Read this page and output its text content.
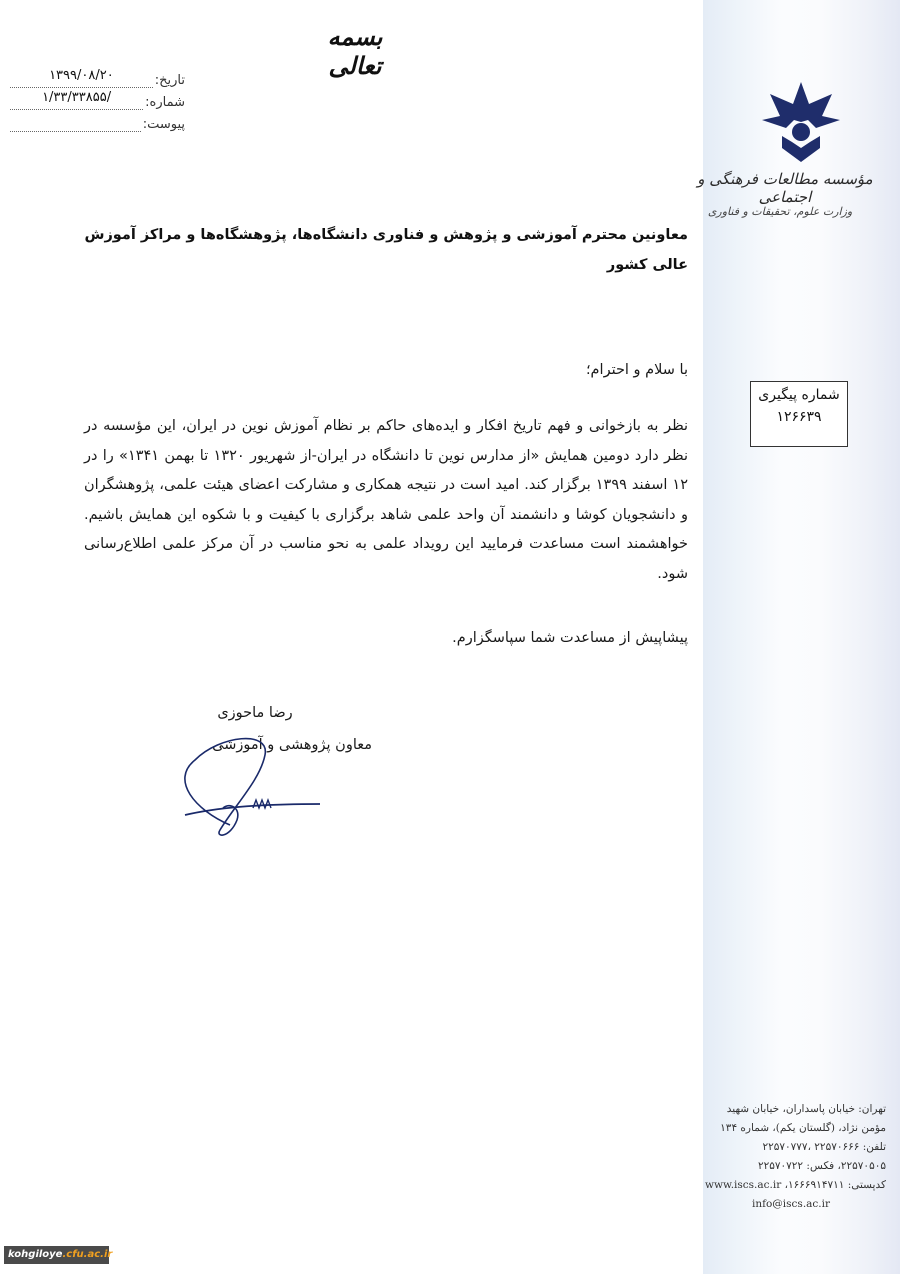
مؤسسه مطالعات فرهنگی و اجتماعی
وزارت علوم، تحقیقات و فناوری
شماره پیگیری
۱۲۶۶۳۹
تهران: خیابان پاسداران، خیابان شهید
مؤمن نژاد، (گلستان یکم)، شماره ۱۳۴
تلفن: ۲۲۵۷۰۶۶۶ ،۲۲۵۷۰۷۷۷
۲۲۵۷۰۵۰۵، فکس: ۲۲۵۷۰۷۲۲
کدپستی: ۱۶۶۶۹۱۴۷۱۱، www.iscs.ac.ir
info@iscs.ac.ir
بسمه تعالی
تاریخ:
۱۳۹۹/۰۸/۲۰
شماره:
/۱/۳۳/۳۳۸۵۵
پیوست:
معاونین محترم آموزشی و پژوهش و فناوری دانشگاه‌ها، پژوهشگاه‌ها و مراکز آموزش عالی کشور
با سلام و احترام؛
نظر به بازخوانی و فهم تاریخ افکار و ایده‌های حاکم بر نظام آموزش نوین در ایران، این مؤسسه در نظر دارد دومین همایش «از مدارس نوین تا دانشگاه در ایران-از شهریور ۱۳۲۰ تا بهمن ۱۳۴۱» را در ۱۲ اسفند ۱۳۹۹ برگزار کند. امید است در نتیجه همکاری و مشارکت اعضای هیئت علمی، پژوهشگران و دانشجویان کوشا و دانشمند آن واحد علمی شاهد برگزاری با کیفیت و با شکوه این همایش باشیم. خواهشمند است مساعدت فرمایید این رویداد علمی به نحو مناسب در آن مرکز علمی اطلاع‌رسانی شود.
پیشاپیش از مساعدت شما سپاسگزارم.
رضا ماحوزی
معاون پژوهشی و آموزشی
kohgiloye.cfu.ac.ir
